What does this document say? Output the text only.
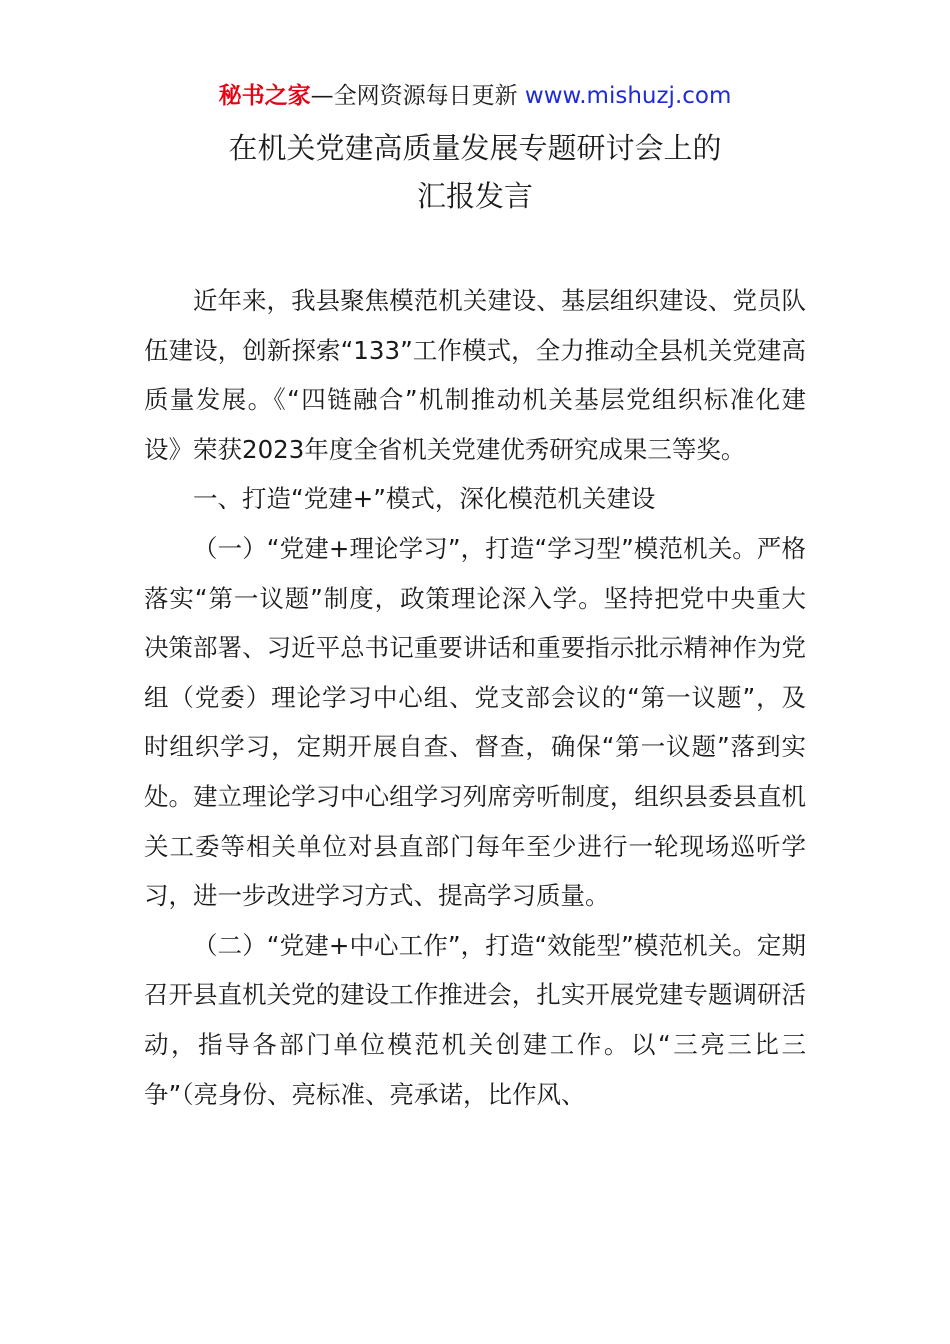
秘书之家—全网资源每日更新 www.mishuzj.com
在机关党建高质量发展专题研讨会上的
汇报发言

近年来，我县聚焦模范机关建设、基层组织建设、党员队伍建设，创新探索“133”工作模式，全力推动全县机关党建高质量发展。《“四链融合”机制推动机关基层党组织标准化建设》荣获2023年度全省机关党建优秀研究成果三等奖。

一、打造“党建+”模式，深化模范机关建设

（一）“党建+理论学习”，打造“学习型”模范机关。严格落实“第一议题”制度，政策理论深入学。坚持把党中央重大决策部署、习近平总书记重要讲话和重要指示批示精神作为党组（党委）理论学习中心组、党支部会议的“第一议题”，及时组织学习，定期开展自查、督查，确保“第一议题”落到实处。建立理论学习中心组学习列席旁听制度，组织县委县直机关工委等相关单位对县直部门每年至少进行一轮现场巡听学习，进一步改进学习方式、提高学习质量。

（二）“党建+中心工作”，打造“效能型”模范机关。定期召开县直机关党的建设工作推进会，扎实开展党建专题调研活动，指导各部门单位模范机关创建工作。以“三亮三比三争”（亮身份、亮标准、亮承诺，比作风、
